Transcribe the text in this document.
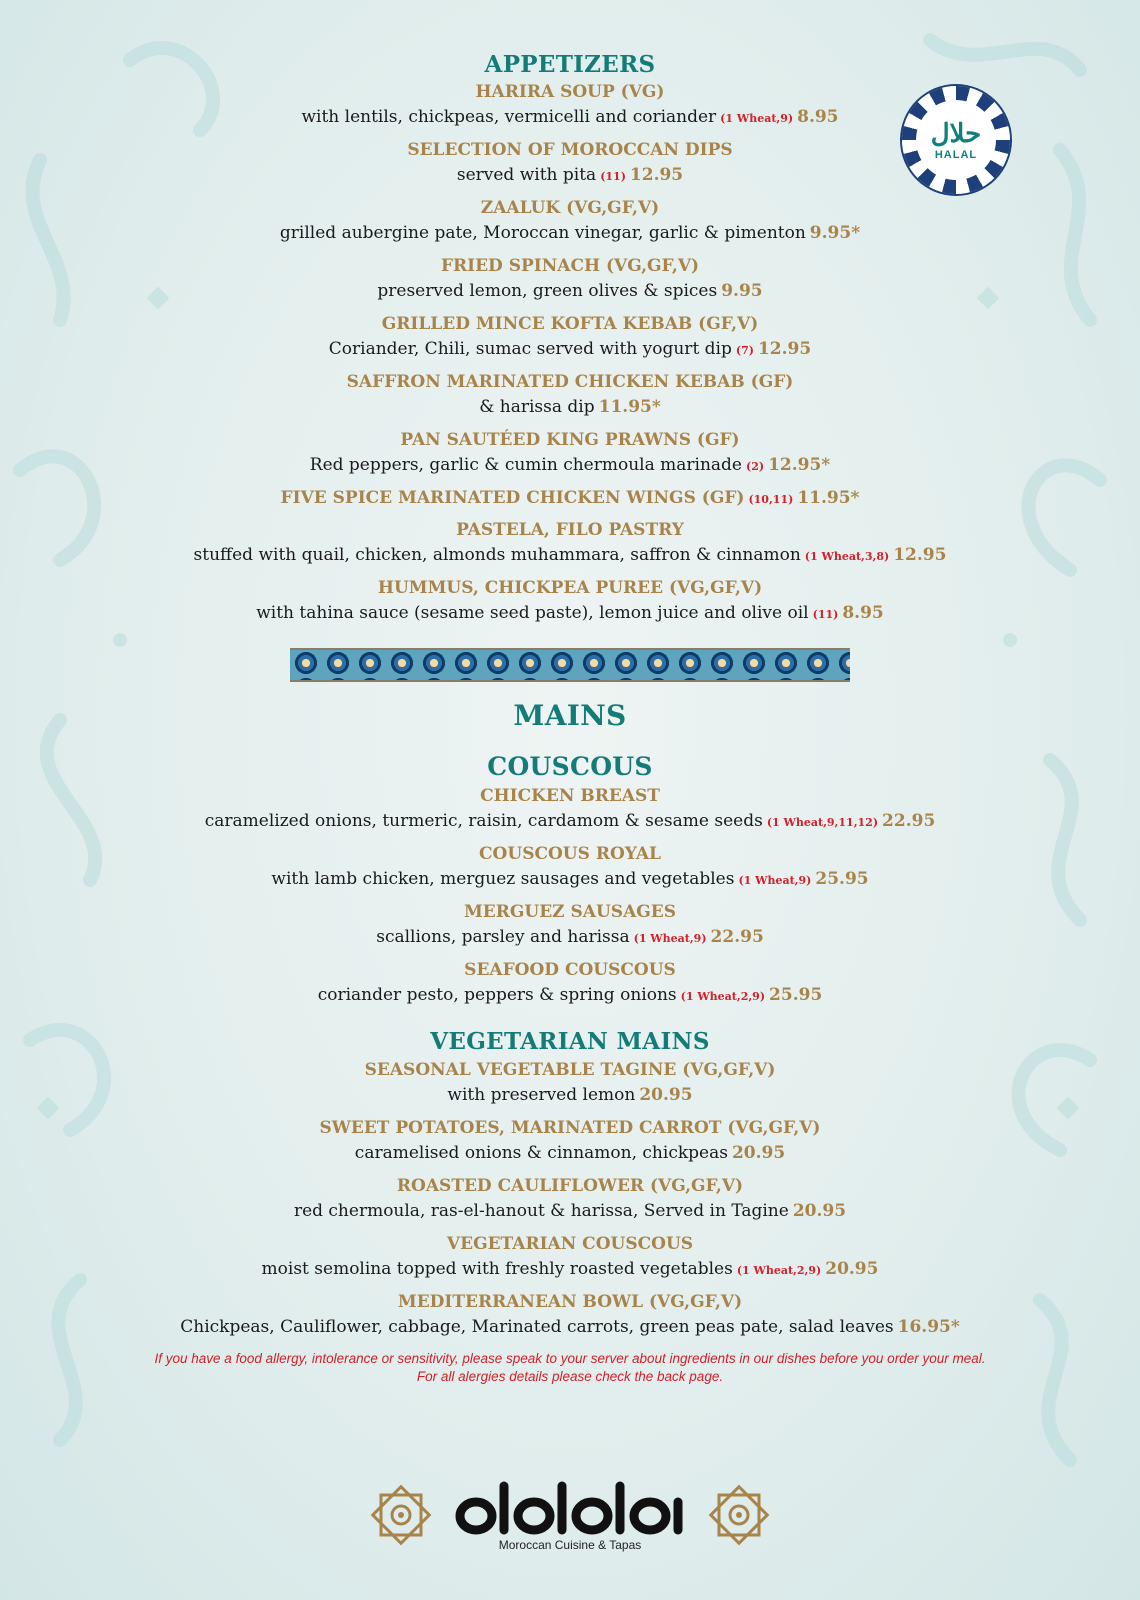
حلال
HALAL
APPETIZERS
HARIRA SOUP (VG)
with lentils, chickpeas, vermicelli and coriander (1 Wheat,9) 8.95
SELECTION OF MOROCCAN DIPS
served with pita (11) 12.95
ZAALUK (VG,GF,V)
grilled aubergine pate, Moroccan vinegar, garlic & pimenton 9.95*
FRIED SPINACH (VG,GF,V)
preserved lemon, green olives & spices 9.95
GRILLED MINCE KOFTA KEBAB (GF,V)
Coriander, Chili, sumac served with yogurt dip (7) 12.95
SAFFRON MARINATED CHICKEN KEBAB (GF)
& harissa dip 11.95*
PAN SAUTÉED KING PRAWNS (GF)
Red peppers, garlic & cumin chermoula marinade (2) 12.95*
FIVE SPICE MARINATED CHICKEN WINGS (GF) (10,11) 11.95*
PASTELA, FILO PASTRY
stuffed with quail, chicken, almonds muhammara, saffron & cinnamon (1 Wheat,3,8) 12.95
HUMMUS, CHICKPEA PUREE (VG,GF,V)
with tahina sauce (sesame seed paste), lemon juice and olive oil (11) 8.95
MAINS
COUSCOUS
CHICKEN BREAST
caramelized onions, turmeric, raisin, cardamom & sesame seeds (1 Wheat,9,11,12) 22.95
COUSCOUS ROYAL
with lamb chicken, merguez sausages and vegetables (1 Wheat,9) 25.95
MERGUEZ SAUSAGES
scallions, parsley and harissa (1 Wheat,9) 22.95
SEAFOOD COUSCOUS
coriander pesto, peppers & spring onions (1 Wheat,2,9) 25.95
VEGETARIAN MAINS
SEASONAL VEGETABLE TAGINE (VG,GF,V)
with preserved lemon 20.95
SWEET POTATOES, MARINATED CARROT (VG,GF,V)
caramelised onions & cinnamon, chickpeas 20.95
ROASTED CAULIFLOWER (VG,GF,V)
red chermoula, ras-el-hanout & harissa, Served in Tagine 20.95
VEGETARIAN COUSCOUS
moist semolina topped with freshly roasted vegetables (1 Wheat,2,9) 20.95
MEDITERRANEAN BOWL (VG,GF,V)
Chickpeas, Cauliflower, cabbage, Marinated carrots, green peas pate, salad leaves 16.95*
If you have a food allergy, intolerance or sensitivity, please speak to your server about ingredients in our dishes before you order your meal.
For all alergies details please check the back page.
Moroccan Cuisine & Tapas
